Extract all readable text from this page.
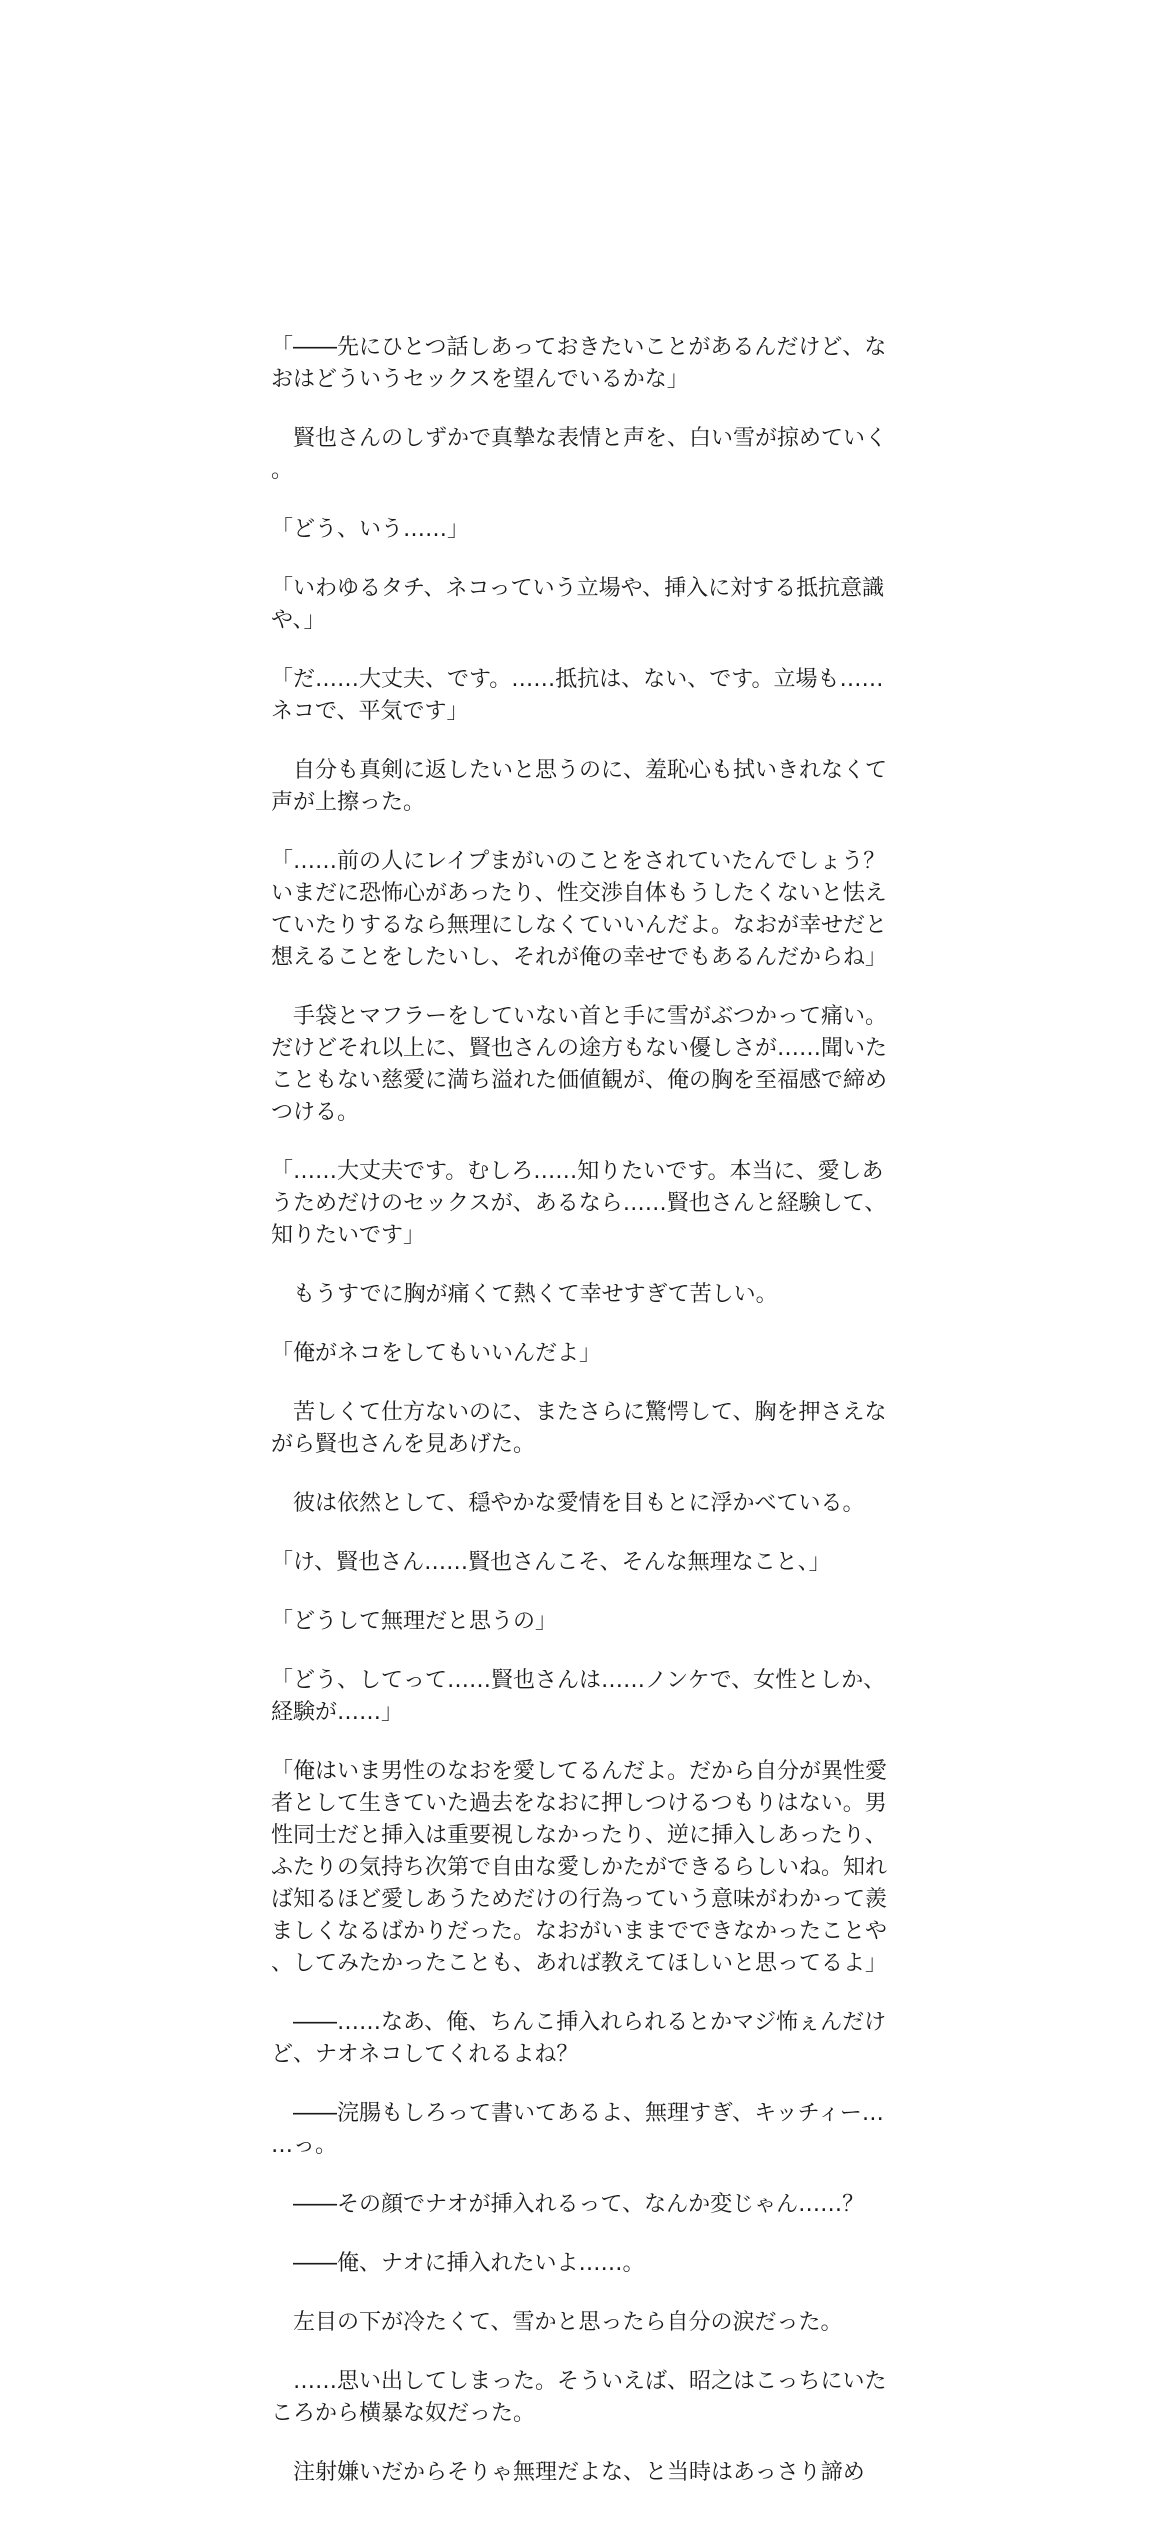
「――先にひとつ話しあっておきたいことがあるんだけど、なおはどういうセックスを望んでいるかな」

　賢也さんのしずかで真摯な表情と声を、白い雪が掠めていく。

「どう、いう……」

「いわゆるタチ、ネコっていう立場や、挿入に対する抵抗意識や、」

「だ……大丈夫、です。……抵抗は、ない、です。立場も……ネコで、平気です」

　自分も真剣に返したいと思うのに、羞恥心も拭いきれなくて声が上擦った。

「……前の人にレイプまがいのことをされていたんでしょう？　いまだに恐怖心があったり、性交渉自体もうしたくないと怯えていたりするなら無理にしなくていいんだよ。なおが幸せだと想えることをしたいし、それが俺の幸せでもあるんだからね」

　手袋とマフラーをしていない首と手に雪がぶつかって痛い。だけどそれ以上に、賢也さんの途方もない優しさが……聞いたこともない慈愛に満ち溢れた価値観が、俺の胸を至福感で締めつける。

「……大丈夫です。むしろ……知りたいです。本当に、愛しあうためだけのセックスが、あるなら……賢也さんと経験して、知りたいです」

　もうすでに胸が痛くて熱くて幸せすぎて苦しい。

「俺がネコをしてもいいんだよ」

　苦しくて仕方ないのに、またさらに驚愕して、胸を押さえながら賢也さんを見あげた。

　彼は依然として、穏やかな愛情を目もとに浮かべている。

「け、賢也さん……賢也さんこそ、そんな無理なこと、」

「どうして無理だと思うの」

「どう、してって……賢也さんは……ノンケで、女性としか、経験が……」

「俺はいま男性のなおを愛してるんだよ。だから自分が異性愛者として生きていた過去をなおに押しつけるつもりはない。男性同士だと挿入は重要視しなかったり、逆に挿入しあったり、ふたりの気持ち次第で自由な愛しかたができるらしいね。知れば知るほど愛しあうためだけの行為っていう意味がわかって羨ましくなるばかりだった。なおがいままでできなかったことや、してみたかったことも、あれば教えてほしいと思ってるよ」

　――……なあ、俺、ちんこ挿入れられるとかマジ怖ぇんだけど、ナオネコしてくれるよね？

　――浣腸もしろって書いてあるよ、無理すぎ、キッチィー……っ。

　――その顔でナオが挿入れるって、なんか変じゃん……？

　――俺、ナオに挿入れたいよ……。

　左目の下が冷たくて、雪かと思ったら自分の涙だった。

　……思い出してしまった。そういえば、昭之はこっちにいたころから横暴な奴だった。

　注射嫌いだからそりゃ無理だよな、と当時はあっさり諦め
